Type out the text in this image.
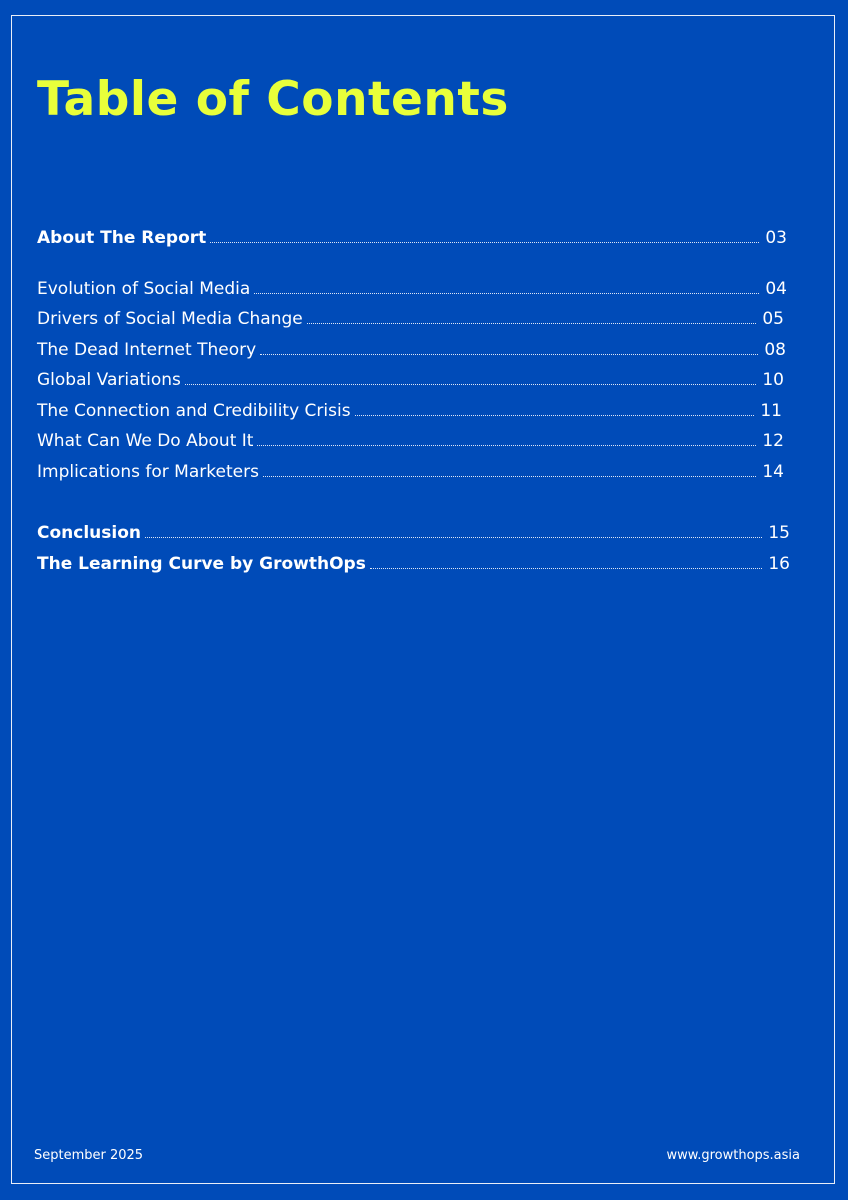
Table of Contents
About The Report	03
Evolution of Social Media	04
Drivers of Social Media Change	05
The Dead Internet Theory	08
Global Variations	10
The Connection and Credibility Crisis	11
What Can We Do About It	12
Implications for Marketers	14
Conclusion	15
The Learning Curve by GrowthOps	16
September 2025	www.growthops.asia
